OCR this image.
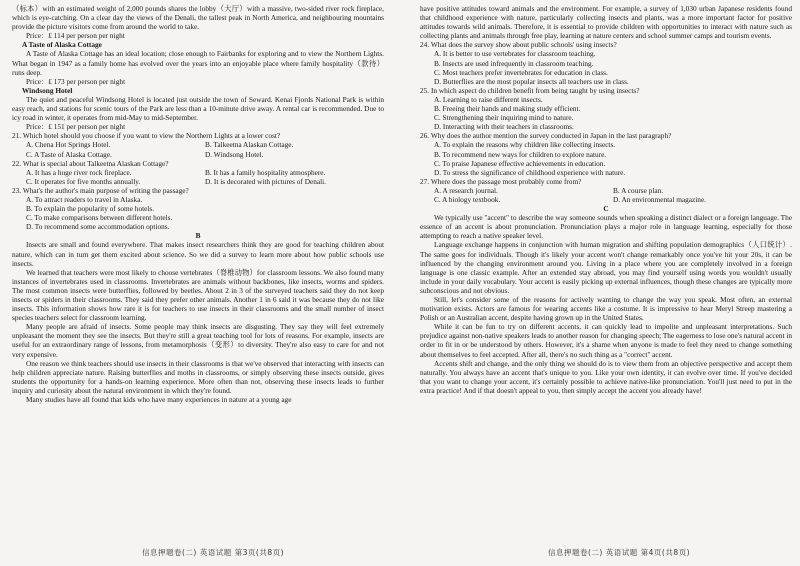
（标本）with an estimated weight of 2,000 pounds shares the lobby（大厅）with a massive, two-sided river rock fireplace, which is eye-catching. On a clear day the views of the Denali, the tallest peak in North America, and neighbouring mountains provide the picture visitors come from around the world to take.

Price：₤ 114 per person per night

A Taste of Alaska Cottage

A Taste of Alaska Cottage has an ideal location; close enough to Fairbanks for exploring and to view the Northern Lights. What began in 1947 as a family home has evolved over the years into an enjoyable place where family hospitality（款待）runs deep.

Price：₤ 173 per person per night

Windsong Hotel

The quiet and peaceful Windsong Hotel is located just outside the town of Seward. Kenai Fjords National Park is within easy reach, and stations for scenic tours of the Park are less than a 10-minute drive away. A rental car is recommended. Due to icy road in winter, it operates from mid-May to mid-September.

Price：₤ 151 per person per night

21. Which hotel should you choose if you want to view the Northern Lights at a lower cost?

A. Chena Hot Springs Hotel.	B. Talkeetna Alaskan Cottage.
C. A Taste of Alaska Cottage.	D. Windsong Hotel.

22. What is special about Talkeetna Alaskan Cottage?

A. It has a huge river rock fireplace.	B. It has a family hospitality atmosphere.
C. It operates for five months annually.	D. It is decorated with pictures of Denali.

23. What's the author's main purpose of writing the passage?

A. To attract readers to travel in Alaska.

B. To explain the popularity of some hotels.

C. To make comparisons between different hotels.

D. To recommend some accommodation options.

B

Insects are small and found everywhere. That makes insect researchers think they are good for teaching children about nature, which can in turn get them excited about science. So we did a survey to learn more about how public schools use insects.

We learned that teachers were most likely to choose vertebrates（脊椎动物）for classroom lessons. We also found many instances of invertebrates used in classrooms. Invertebrates are animals without backbones, like insects, worms and spiders. The most common insects were butterflies, followed by beetles. About 2 in 3 of the surveyed teachers said they do not keep insects or spiders in their classrooms. They said they prefer other animals. Another 1 in 6 said it was because they do not like insects. This information shows how rare it is for teachers to use insects in their classrooms and the small number of insect species teachers select for classroom learning.

Many people are afraid of insects. Some people may think insects are disgusting. They say they will feel extremely unpleasant the moment they see the insects. But they're still a great teaching tool for lots of reasons. For example, insects are useful for an extraordinary range of lessons, from metamorphosis（变形）to diversity. They're also easy to care for and not very expensive.

One reason we think teachers should use insects in their classrooms is that we've observed that interacting with insects can help children appreciate nature. Raising butterflies and moths in classrooms, or simply observing these insects outside, gives students the opportunity for a hands-on learning experience. More often than not, observing these insects leads to further inquiry and curiosity about the natural environment in which they're found.

Many studies have all found that kids who have many experiences in nature at a young age

have positive attitudes toward animals and the environment. For example, a survey of 1,030 urban Japanese residents found that childhood experience with nature, particularly collecting insects and plants, was a more important factor for positive attitudes towards wild animals. Therefore, it is essential to provide children with opportunities to interact with nature such as collecting plants and animals through free play, learning at nature centers and school summer camps and tourism events.

24. What does the survey show about public schools' using insects?

A. It is better to use vertebrates for classroom teaching.

B. Insects are used infrequently in classroom teaching.

C. Most teachers prefer invertebrates for education in class.

D. Butterflies are the most popular insects all teachers use in class.

25. In which aspect do children benefit from being taught by using insects?

A. Learning to raise different insects.

B. Freeing their hands and making study efficient.

C. Strengthening their inquiring mind to nature.

D. Interacting with their teachers in classrooms.

26. Why does the author mention the survey conducted in Japan in the last paragraph?

A. To explain the reasons why children like collecting insects.

B. To recommend new ways for children to explore nature.

C. To praise Japanese effective achievements in education.

D. To stress the significance of childhood experience with nature.

27. Where does the passage most probably come from?

A. A research journal.	B. A course plan.
C. A biology textbook.	D. An environmental magazine.

C

We typically use "accent" to describe the way someone sounds when speaking a distinct dialect or a foreign language. The essence of an accent is about pronunciation. Pronunciation plays a major role in language learning, especially for those attempting to reach a native speaker level.

Language exchange happens in conjunction with human migration and shifting population demographics（人口统计）. The same goes for individuals. Though it's likely your accent won't change remarkably once you've hit your 20s, it can be influenced by the changing environment around you. Living in a place where you are completely involved in a foreign language is one classic example. After an extended stay abroad, you may find yourself using words you wouldn't usually include in your daily vocabulary. Your accent is easily picking up external influences, though these changes are typically more subconscious and not obvious.

Still, let's consider some of the reasons for actively wanting to change the way you speak. Most often, an external motivation exists. Actors are famous for wearing accents like a costume. It is impressive to hear Meryl Streep mastering a Polish or an Australian accent, despite having grown up in the United States.

While it can be fun to try on different accents, it can quickly lead to impolite and unpleasant interpretations. Such prejudice against non-native speakers leads to another reason for changing speech; The eagerness to lose one's natural accent in order to fit in or be understood by others. However, it's a shame when anyone is made to feel they need to change something about themselves to feel accepted. After all, there's no such thing as a "correct" accent.

Accents shift and change, and the only thing we should do is to view them from an objective perspective and accept them naturally. You always have an accent that's unique to you. Like your own identity, it can evolve over time. If you've decided that you want to change your accent, it's certainly possible to achieve native-like pronunciation. You'll just need to put in the extra practice! And if that doesn't appeal to you, then simply accept the accent you already have!

信息押题卷(二) 英语试题 第3页(共8页)	信息押题卷(二) 英语试题 第4页(共8页)
